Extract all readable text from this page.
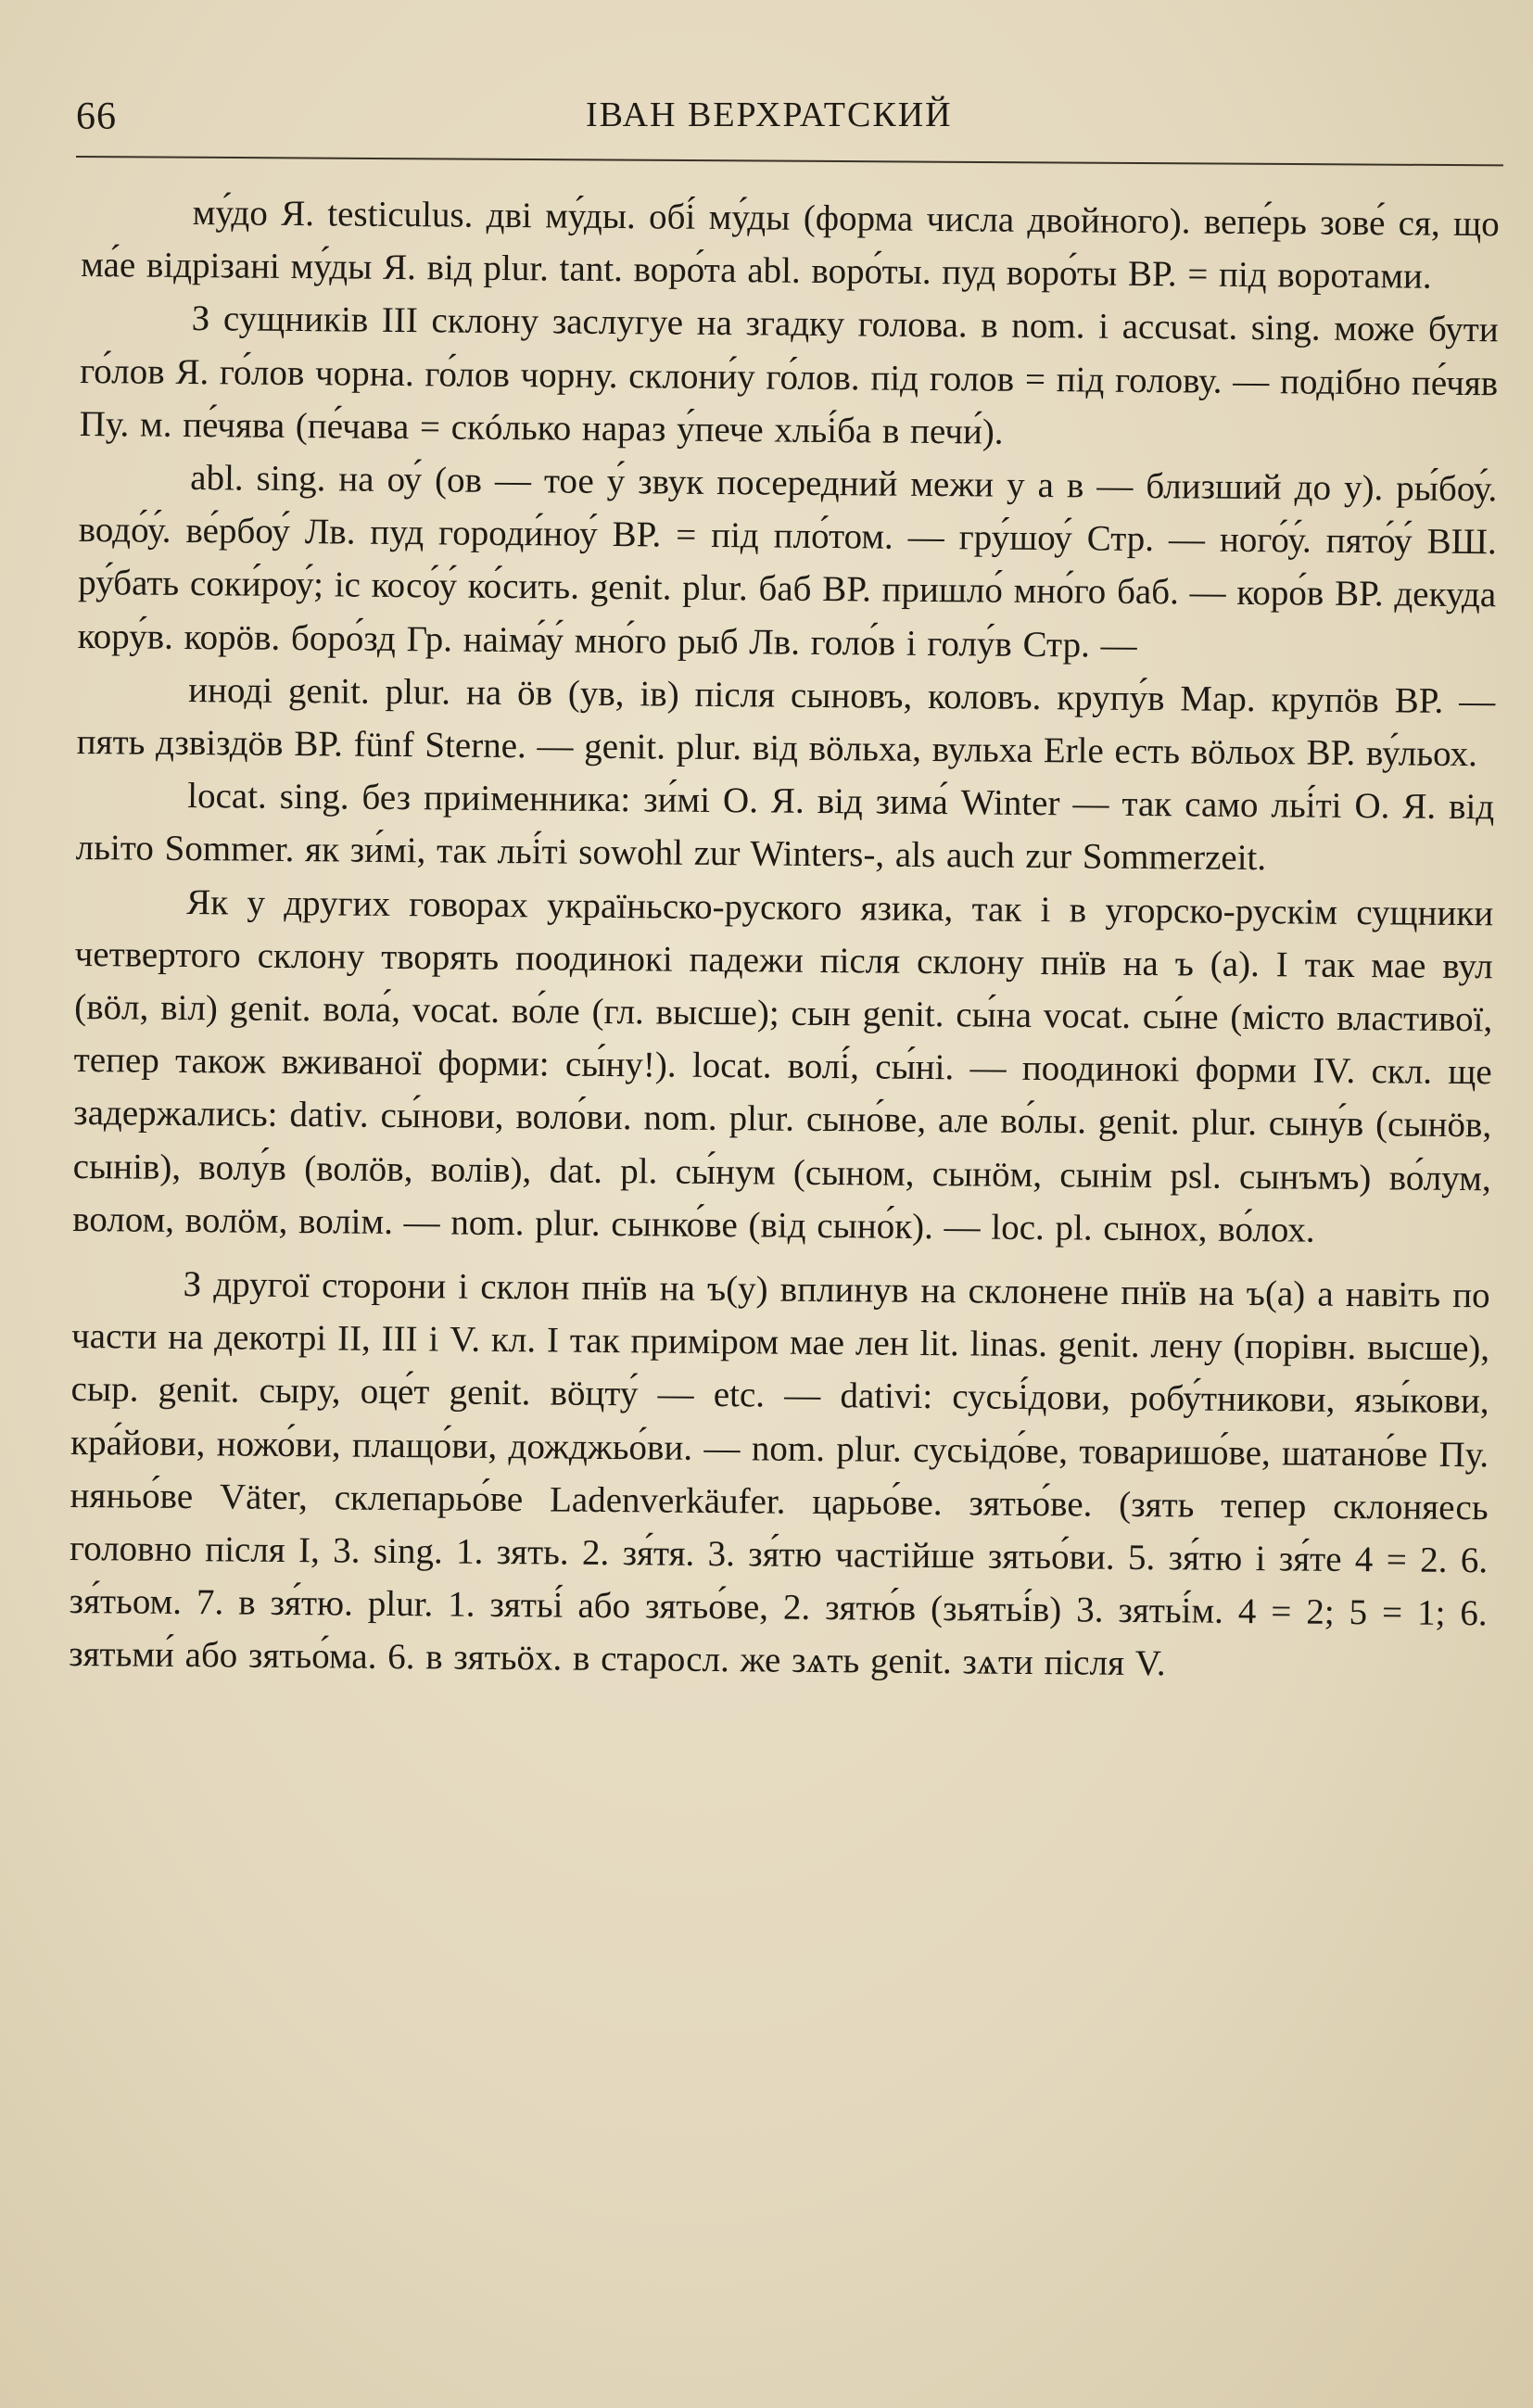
66	ІВАН ВЕРХРАТСКИЙ

му́до Я. testiculus. дві му́ды. обі́ му́ды (форма числа двойного). вепе́рь зове́ ся, що ма́е відрізані му́ды Я. від plur. tant. воро́та abl. воро́ты. пуд воро́ты ВР. = під воротами.

З сущників III склону заслугуе на згадку голова. в nom. і accusat. sing. може бути го́лов Я. го́лов чорна. го́лов чорну. склони́у го́лов. під голов = під голову. — подібно пе́чяв Пу. м. пе́чява (пе́чава = скóлько нараз у́пече хльі́ба в печи́).

abl. sing. на оу́ (ов — тое у́ звук посередний межи у а в — близший до у). ры́боу́. водо́у́. ве́рбоу́ Лв. пуд городи́ноу́ ВР. = під пло́том. — гру́шоу́ Стр. — ного́у́. пято́у́ ВШ. ру́бать соки́роу́; іс косо́у́ ко́сить. genit. plur. баб ВР. пришло́ мно́го баб. — коро́в ВР. декуда кору́в. корӧв. боро́зд Гр. наіма́у́ мно́го рыб Лв. голо́в і голу́в Стр. —

иноді genit. plur. на ӧв (ув, ів) після сыновъ, коловъ. крупу́в Мар. крупӧв ВР. — пять дзвіздӧв ВР. fünf Sterne. — genit. plur. від вӧльха, вульха Erle есть вӧльох ВР. ву́льох.

locat. sing. без приіменника: зи́мі О. Я. від зима́ Winter — так само льі́ті О. Я. від льіто Sommer. як зи́мі, так льі́ті sowohl zur Winters-, als auch zur Sommerzeit.

Як у других говорах украïньско-руского язика, так і в угорско-рускім сущники четвертого склону творять поодинокі падежи після склону пнїв на ъ (а). І так мае вул (вӧл, віл) genit. вола́, vocat. во́ле (гл. высше); сын genit. сы́на vocat. сы́не (місто властивоï, тепер також вживаноï форми: сы́ну!). locat. волі́, сы́ні. — поодинокі форми IV. скл. ще задержались: dativ. сы́нови, воло́ви. nom. plur. сыно́ве, але во́лы. genit. plur. сыну́в (сынӧв, сынів), волу́в (волӧв, волів), dat. pl. сы́нум (сыном, сынӧм, сынім psl. сынъмъ) во́лум, волом, волӧм, волім. — nom. plur. сынко́ве (від сыно́к). — loc. pl. сынох, во́лох.

З другоï сторони і склон пнїв на ъ(у) вплинув на склонене пнїв на ъ(а) а навіть по части на декотрі II, III і V. кл. І так приміром мае лен lit. linas. genit. лену (порівн. высше), сыр. genit. сыру, оце́т genit. вӧцту́ — etc. — dativi: сусьі́дови, робу́тникови, язы́кови, кра́йови, ножо́ви, плащо́ви, дожджьо́ви. — nom. plur. сусьідо́ве, товаришо́ве, шатано́ве Пу. няньо́ве Väter, склепарьо́ве Ladenverkäufer. царьо́ве. зятьо́ве. (зять тепер склоняесь головно після I, 3. sing. 1. зять. 2. зя́тя. 3. зя́тю частійше зятьо́ви. 5. зя́тю і зя́те 4 = 2. 6. зя́тьом. 7. в зя́тю. plur. 1. зятьі́ або зятьо́ве, 2. зятю́в (зьятьі́в) 3. зятьі́м. 4 = 2; 5 = 1; 6. зятьми́ або зятьо́ма. 6. в зятьӧх. в старосл. же зѧть genit. зѧти після V.
